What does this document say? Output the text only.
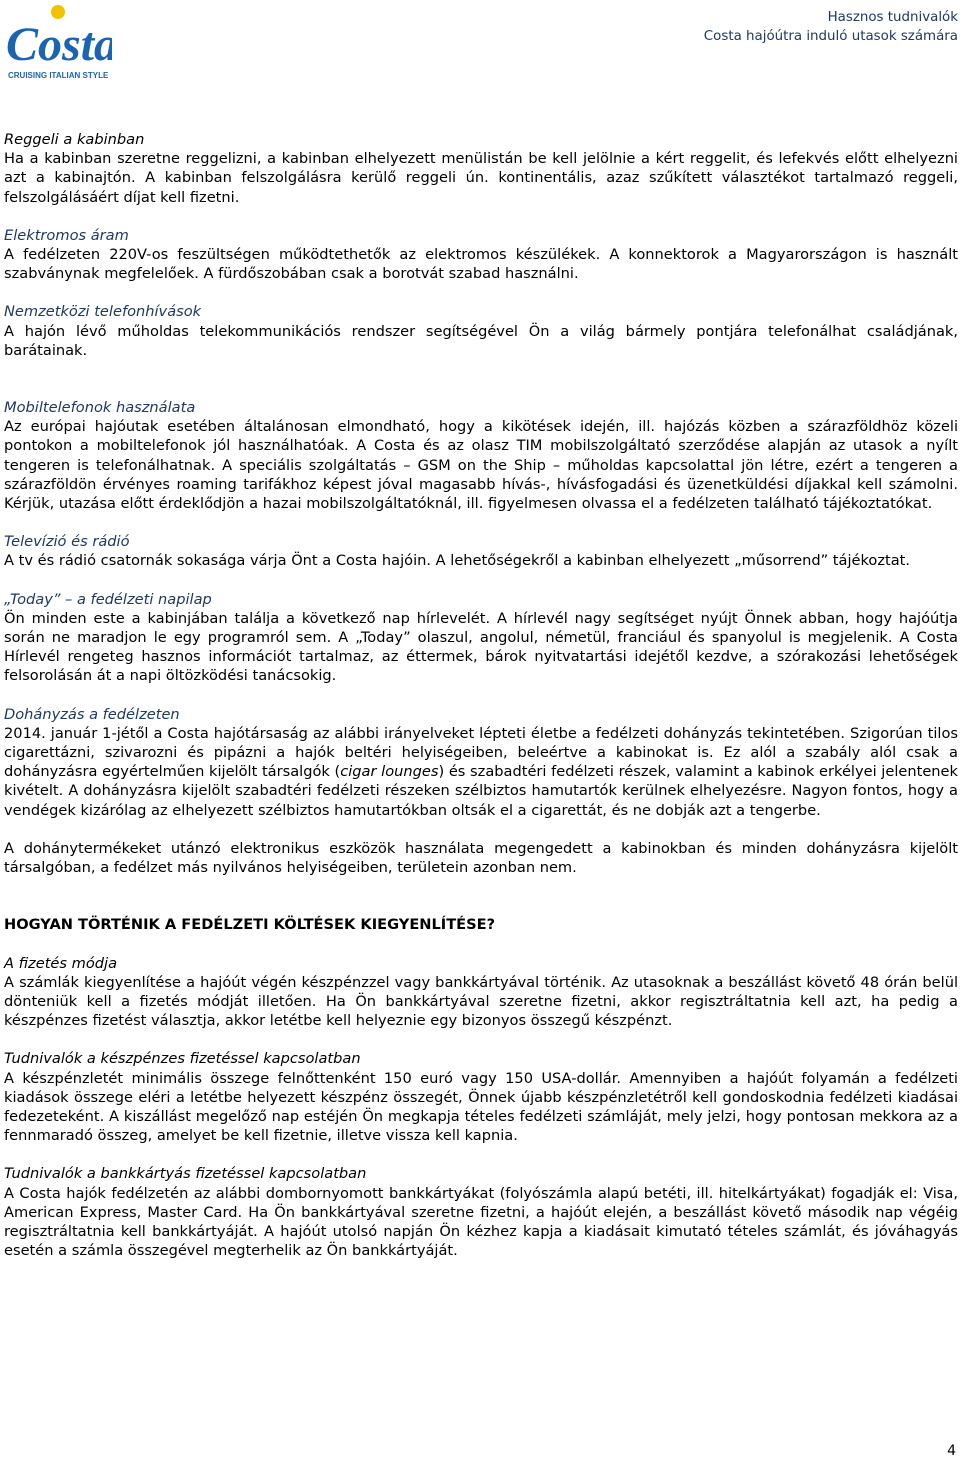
Costa
CRUISING ITALIAN STYLE
Hasznos tudnivalók
Costa hajóútra induló utasok számára

Reggeli a kabinban

Ha a kabinban szeretne reggelizni, a kabinban elhelyezett menülistán be kell jelölnie a kért reggelit, és lefekvés előtt elhelyezni azt a kabinajtón. A kabinban felszolgálásra kerülő reggeli ún. kontinentális, azaz szűkített választékot tartalmazó reggeli, felszolgálásáért díjat kell fizetni.

Elektromos áram

A fedélzeten 220V-os feszültségen működtethetők az elektromos készülékek. A konnektorok a Magyarországon is használt szabványnak megfelelőek. A fürdőszobában csak a borotvát szabad használni.

Nemzetközi telefonhívások

A hajón lévő műholdas telekommunikációs rendszer segítségével Ön a világ bármely pontjára telefonálhat családjának, barátainak.

Mobiltelefonok használata

Az európai hajóutak esetében általánosan elmondható, hogy a kikötések idején, ill. hajózás közben a szárazföldhöz közeli pontokon a mobiltelefonok jól használhatóak. A Costa és az olasz TIM mobilszolgáltató szerződése alapján az utasok a nyílt tengeren is telefonálhatnak. A speciális szolgáltatás – GSM on the Ship – műholdas kapcsolattal jön létre, ezért a tengeren a szárazföldön érvényes roaming tarifákhoz képest jóval magasabb hívás-, hívásfogadási és üzenetküldési díjakkal kell számolni. Kérjük, utazása előtt érdeklődjön a hazai mobilszolgáltatóknál, ill. figyelmesen olvassa el a fedélzeten található tájékoztatókat.

Televízió és rádió

A tv és rádió csatornák sokasága várja Önt a Costa hajóin. A lehetőségekről a kabinban elhelyezett „műsorrend” tájékoztat.

„Today” – a fedélzeti napilap

Ön minden este a kabinjában találja a következő nap hírlevelét. A hírlevél nagy segítséget nyújt Önnek abban, hogy hajóútja során ne maradjon le egy programról sem. A „Today” olaszul, angolul, németül, franciául és spanyolul is megjelenik. A Costa Hírlevél rengeteg hasznos információt tartalmaz, az éttermek, bárok nyitvatartási idejétől kezdve, a szórakozási lehetőségek felsorolásán át a napi öltözködési tanácsokig.

Dohányzás a fedélzeten

2014. január 1-jétől a Costa hajótársaság az alábbi irányelveket lépteti életbe a fedélzeti dohányzás tekintetében. Szigorúan tilos cigarettázni, szivarozni és pipázni a hajók beltéri helyiségeiben, beleértve a kabinokat is. Ez alól a szabály alól csak a dohányzásra egyértelműen kijelölt társalgók (cigar lounges) és szabadtéri fedélzeti részek, valamint a kabinok erkélyei jelentenek kivételt. A dohányzásra kijelölt szabadtéri fedélzeti részeken szélbiztos hamutartók kerülnek elhelyezésre. Nagyon fontos, hogy a vendégek kizárólag az elhelyezett szélbiztos hamutartókban oltsák el a cigarettát, és ne dobják azt a tengerbe.

A dohánytermékeket utánzó elektronikus eszközök használata megengedett a kabinokban és minden dohányzásra kijelölt társalgóban, a fedélzet más nyilvános helyiségeiben, területein azonban nem.

HOGYAN TÖRTÉNIK A FEDÉLZETI KÖLTÉSEK KIEGYENLÍTÉSE?

A fizetés módja

A számlák kiegyenlítése a hajóút végén készpénzzel vagy bankkártyával történik. Az utasoknak a beszállást követő 48 órán belül dönteniük kell a fizetés módját illetően. Ha Ön bankkártyával szeretne fizetni, akkor regisztráltatnia kell azt, ha pedig a készpénzes fizetést választja, akkor letétbe kell helyeznie egy bizonyos összegű készpénzt.

Tudnivalók a készpénzes fizetéssel kapcsolatban

A készpénzletét minimális összege felnőttenként 150 euró vagy 150 USA-dollár. Amennyiben a hajóút folyamán a fedélzeti kiadások összege eléri a letétbe helyezett készpénz összegét, Önnek újabb készpénzletétről kell gondoskodnia fedélzeti kiadásai fedezeteként. A kiszállást megelőző nap estéjén Ön megkapja tételes fedélzeti számláját, mely jelzi, hogy pontosan mekkora az a fennmaradó összeg, amelyet be kell fizetnie, illetve vissza kell kapnia.

Tudnivalók a bankkártyás fizetéssel kapcsolatban

A Costa hajók fedélzetén az alábbi dombornyomott bankkártyákat (folyószámla alapú betéti, ill. hitelkártyákat) fogadják el: Visa, American Express, Master Card. Ha Ön bankkártyával szeretne fizetni, a hajóút elején, a beszállást követő második nap végéig regisztráltatnia kell bankkártyáját. A hajóút utolsó napján Ön kézhez kapja a kiadásait kimutató tételes számlát, és jóváhagyás esetén a számla összegével megterhelik az Ön bankkártyáját.

4
